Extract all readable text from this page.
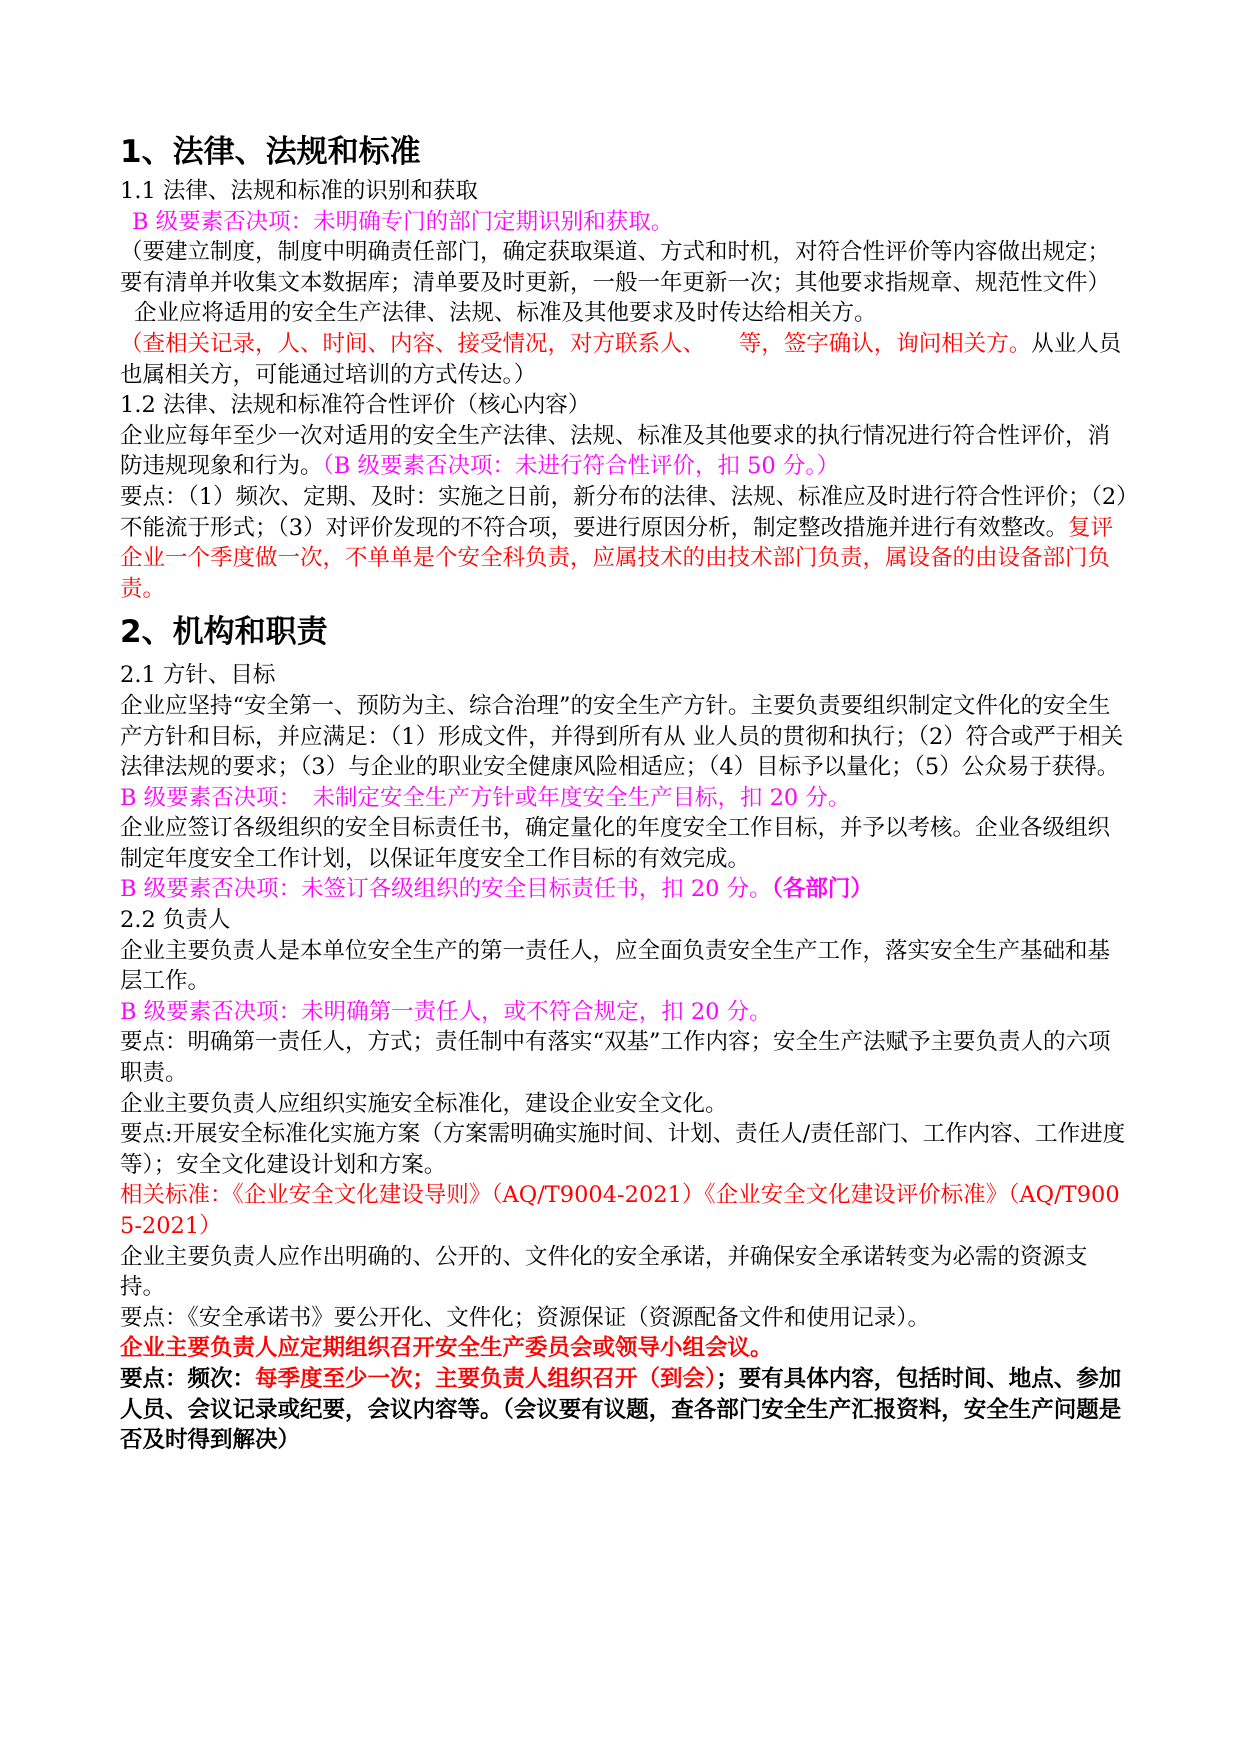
1、法律、法规和标准
1.1 法律、法规和标准的识别和获取
B 级要素否决项：未明确专门的部门定期识别和获取。
（要建立制度，制度中明确责任部门，确定获取渠道、方式和时机，对符合性评价等内容做出规定；要有清单并收集文本数据库；清单要及时更新，一般一年更新一次；其他要求指规章、规范性文件）
企业应将适用的安全生产法律、法规、标准及其他要求及时传达给相关方。
（查相关记录，人、时间、内容、接受情况，对方联系人、　　等，签字确认，询问相关方。从业人员也属相关方，可能通过培训的方式传达。）
1.2 法律、法规和标准符合性评价（核心内容）
企业应每年至少一次对适用的安全生产法律、法规、标准及其他要求的执行情况进行符合性评价，消防违规现象和行为。（B 级要素否决项：未进行符合性评价，扣 50 分。）
要点：（1）频次、定期、及时：实施之日前，新分布的法律、法规、标准应及时进行符合性评价；（2）不能流于形式；（3）对评价发现的不符合项，要进行原因分析，制定整改措施并进行有效整改。复评企业一个季度做一次，不单单是个安全科负责，应属技术的由技术部门负责，属设备的由设备部门负责。
2、机构和职责
2.1 方针、目标
企业应坚持“安全第一、预防为主、综合治理”的安全生产方针。主要负责要组织制定文件化的安全生产方针和目标，并应满足：（1）形成文件，并得到所有从 业人员的贯彻和执行；（2）符合或严于相关法律法规的要求；（3）与企业的职业安全健康风险相适应；（4）目标予以量化；（5）公众易于获得。
B 级要素否决项：　未制定安全生产方针或年度安全生产目标，扣 20 分。
企业应签订各级组织的安全目标责任书，确定量化的年度安全工作目标，并予以考核。企业各级组织制定年度安全工作计划，以保证年度安全工作目标的有效完成。
B 级要素否决项：未签订各级组织的安全目标责任书，扣 20 分。（各部门）
2.2 负责人
企业主要负责人是本单位安全生产的第一责任人，应全面负责安全生产工作，落实安全生产基础和基层工作。
B 级要素否决项：未明确第一责任人，或不符合规定，扣 20 分。
要点：明确第一责任人，方式；责任制中有落实“双基”工作内容；安全生产法赋予主要负责人的六项职责。
企业主要负责人应组织实施安全标准化，建设企业安全文化。
要点:开展安全标准化实施方案（方案需明确实施时间、计划、责任人/责任部门、工作内容、工作进度等）；安全文化建设计划和方案。
相关标准：《企业安全文化建设导则》（AQ/T9004-2021）《企业安全文化建设评价标准》（AQ/T9005-2021）
企业主要负责人应作出明确的、公开的、文件化的安全承诺，并确保安全承诺转变为必需的资源支持。
要点：《安全承诺书》要公开化、文件化；资源保证（资源配备文件和使用记录）。
企业主要负责人应定期组织召开安全生产委员会或领导小组会议。
要点：频次：每季度至少一次；主要负责人组织召开（到会）；要有具体内容，包括时间、地点、参加人员、会议记录或纪要，会议内容等。（会议要有议题，查各部门安全生产汇报资料，安全生产问题是否及时得到解决）
